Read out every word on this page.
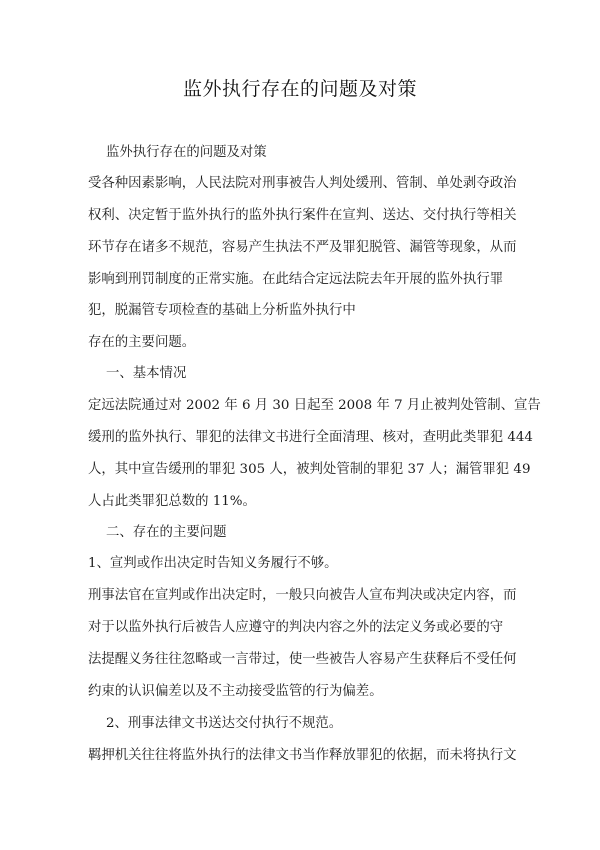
监外执行存在的问题及对策
监外执行存在的问题及对策
受各种因素影响，人民法院对刑事被告人判处缓刑、管制、单处剥夺政治
权利、决定暂于监外执行的监外执行案件在宣判、送达、交付执行等相关
环节存在诸多不规范，容易产生执法不严及罪犯脱管、漏管等现象，从而
影响到刑罚制度的正常实施。在此结合定远法院去年开展的监外执行罪
犯，脱漏管专项检查的基础上分析监外执行中
存在的主要问题。
一、基本情况
定远法院通过对 2002 年 6 月 30 日起至 2008 年 7 月止被判处管制、宣告
缓刑的监外执行、罪犯的法律文书进行全面清理、核对，查明此类罪犯 444
人，其中宣告缓刑的罪犯 305 人，被判处管制的罪犯 37 人；漏管罪犯 49
人占此类罪犯总数的 11%。
二、存在的主要问题
1、宣判或作出决定时告知义务履行不够。
刑事法官在宣判或作出决定时，一般只向被告人宣布判决或决定内容，而
对于以监外执行后被告人应遵守的判决内容之外的法定义务或必要的守
法提醒义务往往忽略或一言带过，使一些被告人容易产生获释后不受任何
约束的认识偏差以及不主动接受监管的行为偏差。
2、刑事法律文书送达交付执行不规范。
羁押机关往往将监外执行的法律文书当作释放罪犯的依据，而未将执行文
